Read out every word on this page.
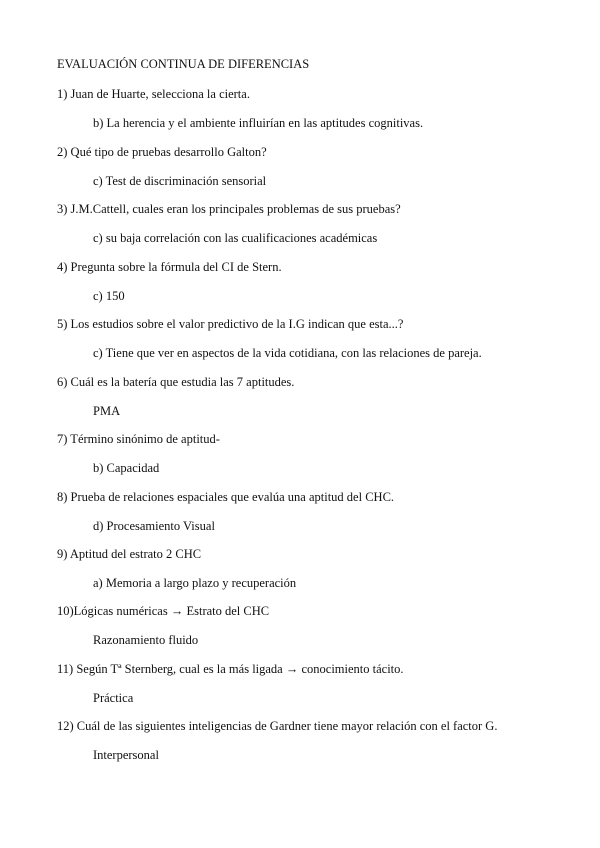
EVALUACIÓN CONTINUA DE DIFERENCIAS
1) Juan de Huarte, selecciona la cierta.
b) La herencia y el ambiente influirían en las aptitudes cognitivas.
2) Qué tipo de pruebas desarrollo Galton?
c) Test de discriminación sensorial
3) J.M.Cattell, cuales eran los principales problemas de sus pruebas?
c) su baja correlación con las cualificaciones académicas
4) Pregunta sobre la fórmula del CI de Stern.
c) 150
5) Los estudios sobre el valor predictivo de la I.G indican que esta...?
c) Tiene que ver en aspectos de la vida cotidiana, con las relaciones de pareja.
6) Cuál es la batería que estudia las 7 aptitudes.
PMA
7) Término sinónimo de aptitud-
b) Capacidad
8) Prueba de relaciones espaciales que evalúa una aptitud del CHC.
d) Procesamiento Visual
9) Aptitud del estrato 2 CHC
a) Memoria a largo plazo y recuperación
10)Lógicas numéricas → Estrato del CHC
Razonamiento fluido
11) Según Tª Sternberg, cual es la más ligada → conocimiento tácito.
Práctica
12) Cuál de las siguientes inteligencias de Gardner tiene mayor relación con el factor G.
Interpersonal
